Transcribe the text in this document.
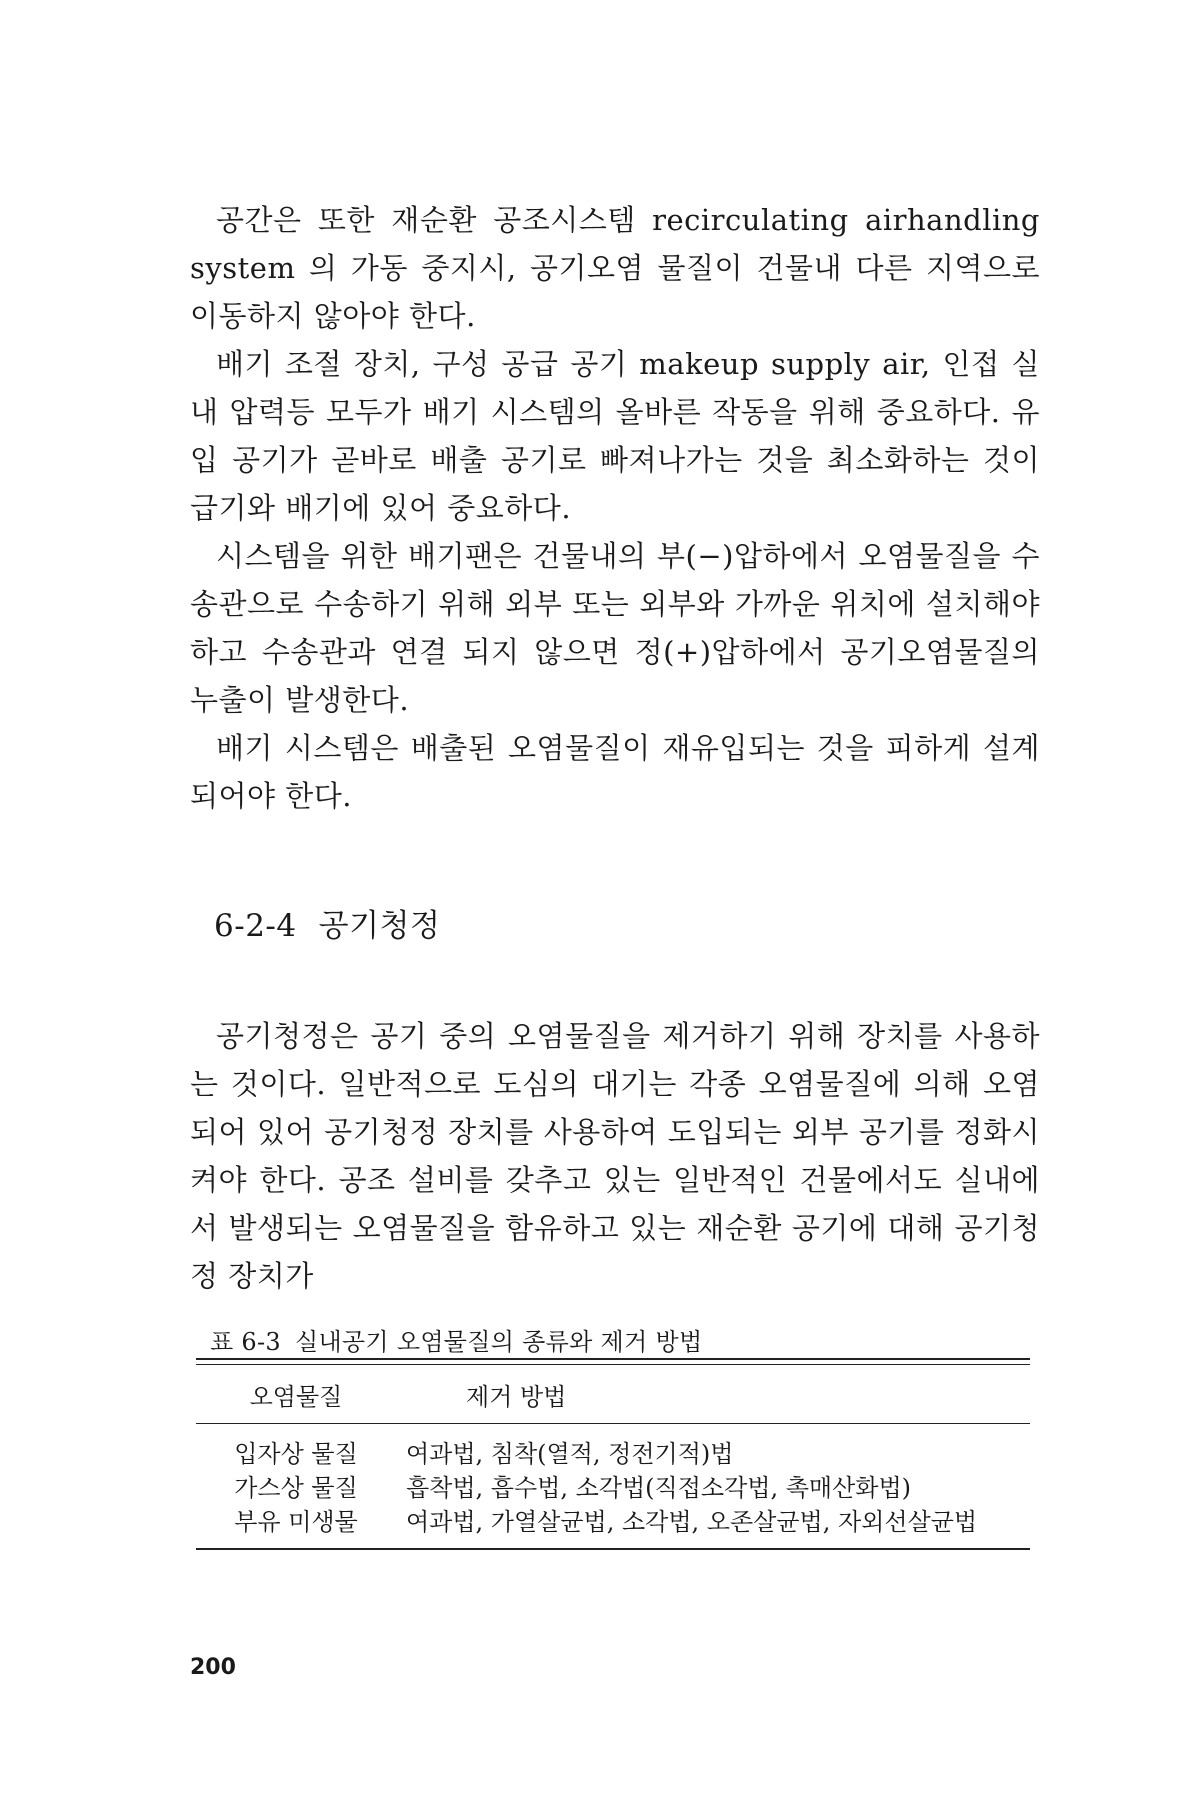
공간은 또한 재순환 공조시스템 recirculating airhandling system 의 가동 중지시, 공기오염 물질이 건물내 다른 지역으로 이동하지 않아야 한다.

배기 조절 장치, 구성 공급 공기 makeup supply air, 인접 실내 압력등 모두가 배기 시스템의 올바른 작동을 위해 중요하다. 유입 공기가 곧바로 배출 공기로 빠져나가는 것을 최소화하는 것이 급기와 배기에 있어 중요하다.

시스템을 위한 배기팬은 건물내의 부(−)압하에서 오염물질을 수송관으로 수송하기 위해 외부 또는 외부와 가까운 위치에 설치해야 하고 수송관과 연결 되지 않으면 정(+)압하에서 공기오염물질의 누출이 발생한다.

배기 시스템은 배출된 오염물질이 재유입되는 것을 피하게 설계되어야 한다.

6-2-4 공기청정

공기청정은 공기 중의 오염물질을 제거하기 위해 장치를 사용하는 것이다. 일반적으로 도심의 대기는 각종 오염물질에 의해 오염되어 있어 공기청정 장치를 사용하여 도입되는 외부 공기를 정화시켜야 한다. 공조 설비를 갖추고 있는 일반적인 건물에서도 실내에서 발생되는 오염물질을 함유하고 있는 재순환 공기에 대해 공기청정 장치가

표 6-3 실내공기 오염물질의 종류와 제거 방법
오염물질	제거 방법
입자상 물질	여과법, 침착(열적, 정전기적)법
가스상 물질	흡착법, 흡수법, 소각법(직접소각법, 촉매산화법)
부유 미생물	여과법, 가열살균법, 소각법, 오존살균법, 자외선살균법
200
